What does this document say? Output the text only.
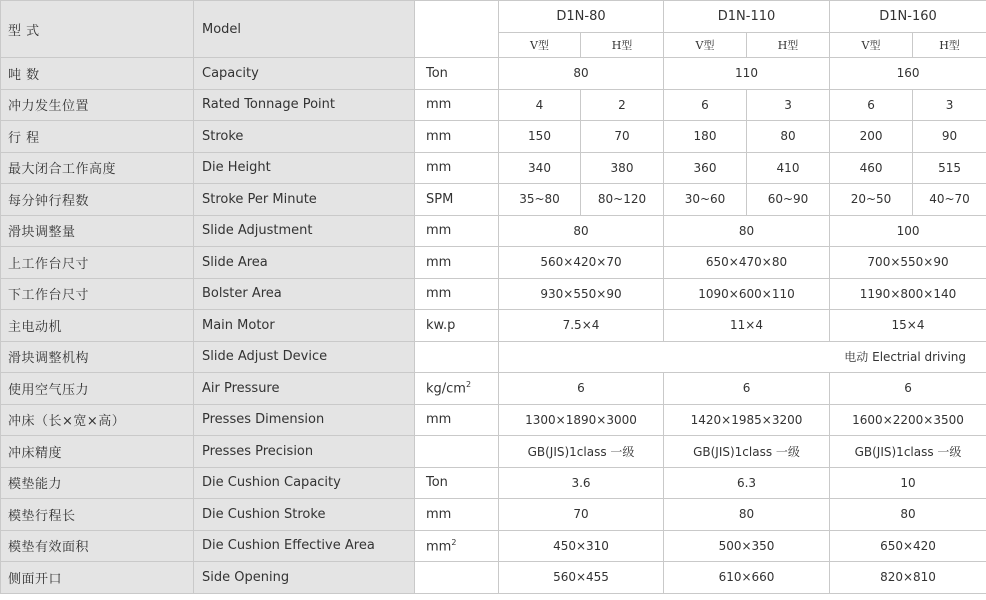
型 式	Model		D1N-80		D1N-110		D1N-160	
			V型	H型	V型	H型	V型	H型
吨 数	Capacity	Ton	80		110		160	
冲力发生位置	Rated Tonnage Point	mm	4	2	6	3	6	3
行 程	Stroke	mm	150	70	180	80	200	90
最大闭合工作高度	Die Height	mm	340	380	360	410	460	515
每分钟行程数	Stroke Per Minute	SPM	35~80	80~120	30~60	60~90	20~50	40~70
滑块调整量	Slide Adjustment	mm	80		80		100	
上工作台尺寸	Slide Area	mm	560×420×70		650×470×80		700×550×90	
下工作台尺寸	Bolster Area	mm	930×550×90		1090×600×110		1190×800×140	
主电动机	Main Motor	kw.p	7.5×4		11×4		15×4	
滑块调整机构	Slide Adjust Device		电动 Electrial driving					
使用空气压力	Air Pressure	$kg/cm^2$	6		6		6	
冲床（长×宽×高）	Presses Dimension	mm	1300×1890×3000		1420×1985×3200		1600×2200×3500	
冲床精度	Presses Precision		GB(JIS)1class 一级		GB(JIS)1class 一级		GB(JIS)1class 一级	
模垫能力	Die Cushion Capacity	Ton	3.6		6.3		10	
模垫行程长	Die Cushion Stroke	mm	70		80		80	
模垫有效面积	Die Cushion Effective Area	$mm^2$	450×310		500×350		650×420	
侧面开口	Side Opening		560×455		610×660		820×810	
